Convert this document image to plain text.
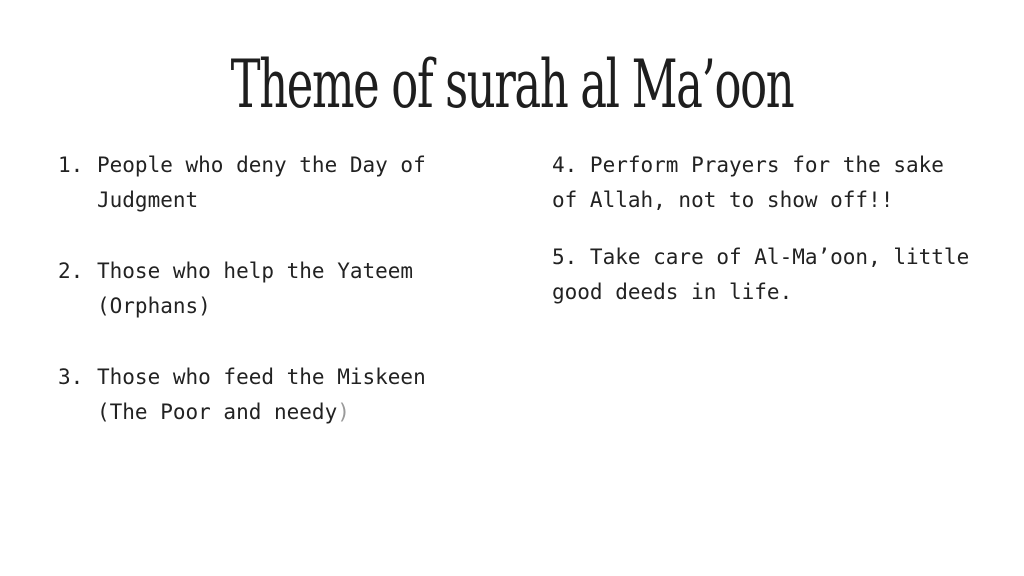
Theme of surah al Ma’oon
1. People who deny the Day of Judgment
2. Those who help the Yateem (Orphans)
3. Those who feed the Miskeen (The Poor and needy)

4. Perform Prayers for the sake of Allah, not to show off!!

5. Take care of Al-Ma’oon, little good deeds in life.
